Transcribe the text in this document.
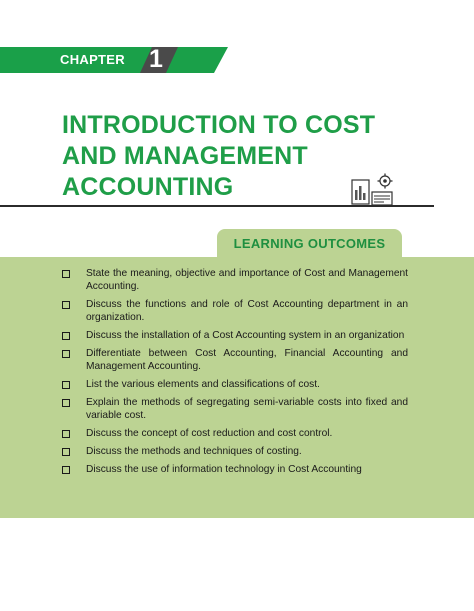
CHAPTER 1
INTRODUCTION TO COST
AND MANAGEMENT
ACCOUNTING
LEARNING OUTCOMES
State the meaning, objective and importance of Cost and Management Accounting.
Discuss the functions and role of Cost Accounting department in an organization.
Discuss the installation of a Cost Accounting system in an organization
Differentiate between Cost Accounting, Financial Accounting and Management Accounting.
List the various elements and classifications of cost.
Explain the methods of segregating semi-variable costs into fixed and variable cost.
Discuss the concept of cost reduction and cost control.
Discuss the methods and techniques of costing.
Discuss the use of information technology in Cost Accounting
